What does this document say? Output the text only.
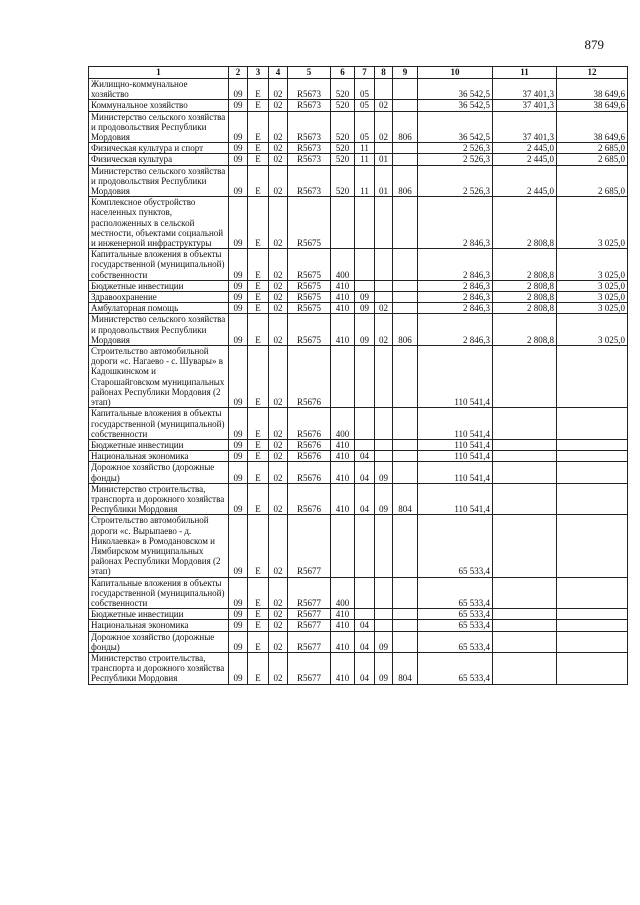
879
1	2	3	4	5	6	7	8	9	10	11	12
Жилищно-коммунальное хозяйство	09	Е	02	R5673	520	05			36 542,5	37 401,3	38 649,6
Коммунальное хозяйство	09	Е	02	R5673	520	05	02		36 542,5	37 401,3	38 649,6
Министерство сельского хозяйства и продовольствия Республики Мордовия	09	Е	02	R5673	520	05	02	806	36 542,5	37 401,3	38 649,6
Физическая культура и спорт	09	Е	02	R5673	520	11			2 526,3	2 445,0	2 685,0
Физическая культура	09	Е	02	R5673	520	11	01		2 526,3	2 445,0	2 685,0
Министерство сельского хозяйства и продовольствия Республики Мордовия	09	Е	02	R5673	520	11	01	806	2 526,3	2 445,0	2 685,0
Комплексное обустройство населенных пунктов, расположенных в сельской местности, объектами социальной и инженерной инфраструктуры	09	Е	02	R5675					2 846,3	2 808,8	3 025,0
Капитальные вложения в объекты государственной (муниципальной) собственности	09	Е	02	R5675	400				2 846,3	2 808,8	3 025,0
Бюджетные инвестиции	09	Е	02	R5675	410				2 846,3	2 808,8	3 025,0
Здравоохранение	09	Е	02	R5675	410	09			2 846,3	2 808,8	3 025,0
Амбулаторная помощь	09	Е	02	R5675	410	09	02		2 846,3	2 808,8	3 025,0
Министерство сельского хозяйства и продовольствия Республики Мордовия	09	Е	02	R5675	410	09	02	806	2 846,3	2 808,8	3 025,0
Строительство автомобильной дороги «с. Нагаево - с. Шувары» в Кадошкинском и Старошайговском муниципальных районах Республики Мордовия (2 этап)	09	Е	02	R5676					110 541,4		
Капитальные вложения в объекты государственной (муниципальной) собственности	09	Е	02	R5676	400				110 541,4		
Бюджетные инвестиции	09	Е	02	R5676	410				110 541,4		
Национальная экономика	09	Е	02	R5676	410	04			110 541,4		
Дорожное хозяйство (дорожные фонды)	09	Е	02	R5676	410	04	09		110 541,4		
Министерство строительства, транспорта и дорожного хозяйства Республики Мордовия	09	Е	02	R5676	410	04	09	804	110 541,4		
Строительство автомобильной дороги «с. Вырыпаево - д. Николаевка» в Ромодановском и Лямбирском муниципальных районах Республики Мордовия (2 этап)	09	Е	02	R5677					65 533,4		
Капитальные вложения в объекты государственной (муниципальной) собственности	09	Е	02	R5677	400				65 533,4		
Бюджетные инвестиции	09	Е	02	R5677	410				65 533,4		
Национальная экономика	09	Е	02	R5677	410	04			65 533,4		
Дорожное хозяйство (дорожные фонды)	09	Е	02	R5677	410	04	09		65 533,4		
Министерство строительства, транспорта и дорожного хозяйства Республики Мордовия	09	Е	02	R5677	410	04	09	804	65 533,4		
